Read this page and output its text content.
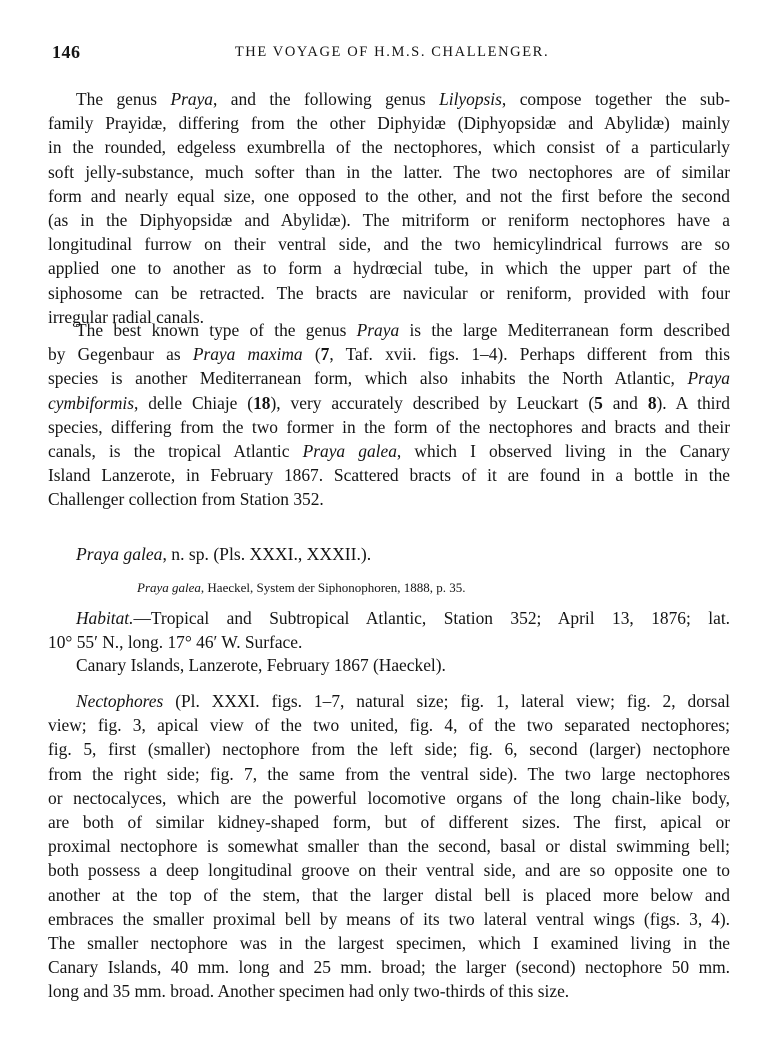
146	THE VOYAGE OF H.M.S. CHALLENGER.

The genus Praya, and the following genus Lilyopsis, compose together the sub-
family Prayidæ, differing from the other Diphyidæ (Diphyopsidæ and Abylidæ) mainly
in the rounded, edgeless exumbrella of the nectophores, which consist of a particularly
soft jelly-substance, much softer than in the latter. The two nectophores are of similar
form and nearly equal size, one opposed to the other, and not the first before the second
(as in the Diphyopsidæ and Abylidæ). The mitriform or reniform nectophores have a
longitudinal furrow on their ventral side, and the two hemicylindrical furrows are so
applied one to another as to form a hydrœcial tube, in which the upper part of the
siphosome can be retracted. The bracts are navicular or reniform, provided with four
irregular radial canals.

The best known type of the genus Praya is the large Mediterranean form described
by Gegenbaur as Praya maxima (7, Taf. xvii. figs. 1–4). Perhaps different from this
species is another Mediterranean form, which also inhabits the North Atlantic, Praya
cymbiformis, delle Chiaje (18), very accurately described by Leuckart (5 and 8). A third
species, differing from the two former in the form of the nectophores and bracts and their
canals, is the tropical Atlantic Praya galea, which I observed living in the Canary
Island Lanzerote, in February 1867. Scattered bracts of it are found in a bottle in the
Challenger collection from Station 352.

Praya galea, n. sp. (Pls. XXXI., XXXII.).
Praya galea, Haeckel, System der Siphonophoren, 1888, p. 35.

Habitat.—Tropical and Subtropical Atlantic, Station 352; April 13, 1876; lat.
10° 55′ N., long. 17° 46′ W. Surface.

Canary Islands, Lanzerote, February 1867 (Haeckel).

Nectophores (Pl. XXXI. figs. 1–7, natural size; fig. 1, lateral view; fig. 2, dorsal
view; fig. 3, apical view of the two united, fig. 4, of the two separated nectophores;
fig. 5, first (smaller) nectophore from the left side; fig. 6, second (larger) nectophore
from the right side; fig. 7, the same from the ventral side). The two large nectophores
or nectocalyces, which are the powerful locomotive organs of the long chain-like body,
are both of similar kidney-shaped form, but of different sizes. The first, apical or
proximal nectophore is somewhat smaller than the second, basal or distal swimming bell;
both possess a deep longitudinal groove on their ventral side, and are so opposite one to
another at the top of the stem, that the larger distal bell is placed more below and
embraces the smaller proximal bell by means of its two lateral ventral wings (figs. 3, 4).
The smaller nectophore was in the largest specimen, which I examined living in the
Canary Islands, 40 mm. long and 25 mm. broad; the larger (second) nectophore 50 mm.
long and 35 mm. broad. Another specimen had only two-thirds of this size.
